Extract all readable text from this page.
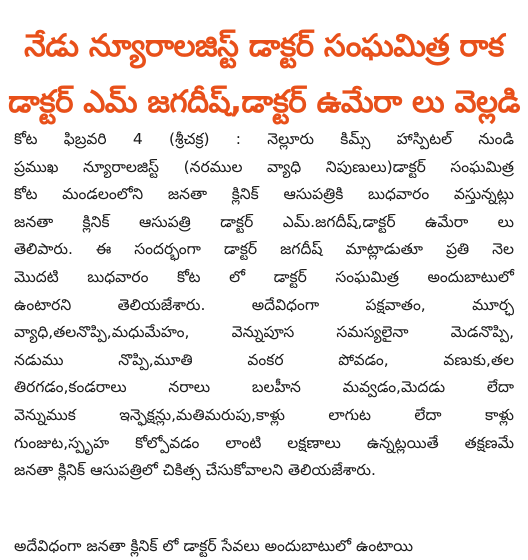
నేడు న్యూరాలజిస్ట్ డాక్టర్ సంఘమిత్ర రాక
డాక్టర్ ఎమ్ జగదీష్,డాక్టర్ ఉమేరా లు వెల్లడి
కోట ఫిబ్రవరి 4 (శ్రీచక్ర) : నెల్లూరు కిమ్స్ హాస్పిటల్ నుండి
ప్రముఖ న్యూరాలజిస్ట్ (నరముల వ్యాధి నిపుణులు)డాక్టర్ సంఘమిత్ర
కోట మండలంలోని జనతా క్లినిక్ ఆసుపత్రికి బుధవారం వస్తున్నట్లు
జనతా క్లినిక్ ఆసుపత్రి డాక్టర్ ఎమ్.జగదీష్,డాక్టర్ ఉమేరా లు
తెలిపారు. ఈ సందర్భంగా డాక్టర్ జగదీష్ మాట్లాడుతూ ప్రతి నెల
మొదటి బుధవారం కోట లో డాక్టర్ సంఘమిత్ర అందుబాటులో
ఉంటారని తెలియజేశారు. అదేవిధంగా పక్షవాతం, మూర్ఛ
వ్యాధి,తలనొప్పి,మధుమేహం, వెన్నుపూస సమస్యలైనా మెడనొప్పి,
నడుము నొప్పి,మూతి వంకర పోవడం, వణుకు,తల
తిరగడం,కండరాలు నరాలు బలహీన మవ్వడం,మెదడు లేదా
వెన్నుముక ఇన్ఫెక్షన్లు,మతిమరుపు,కాళ్లు లాగుట లేదా కాళ్లు
గుంజుట,స్పృహ కోల్పోవడం లాంటి లక్షణాలు ఉన్నట్లయితే తక్షణమే
జనతా క్లినిక్ ఆసుపత్రిలో చికిత్స చేసుకోవాలని తెలియజేశారు.
అదేవిధంగా జనతా క్లినిక్ లో డాక్టర్ సేవలు అందుబాటులో ఉంటాయి
